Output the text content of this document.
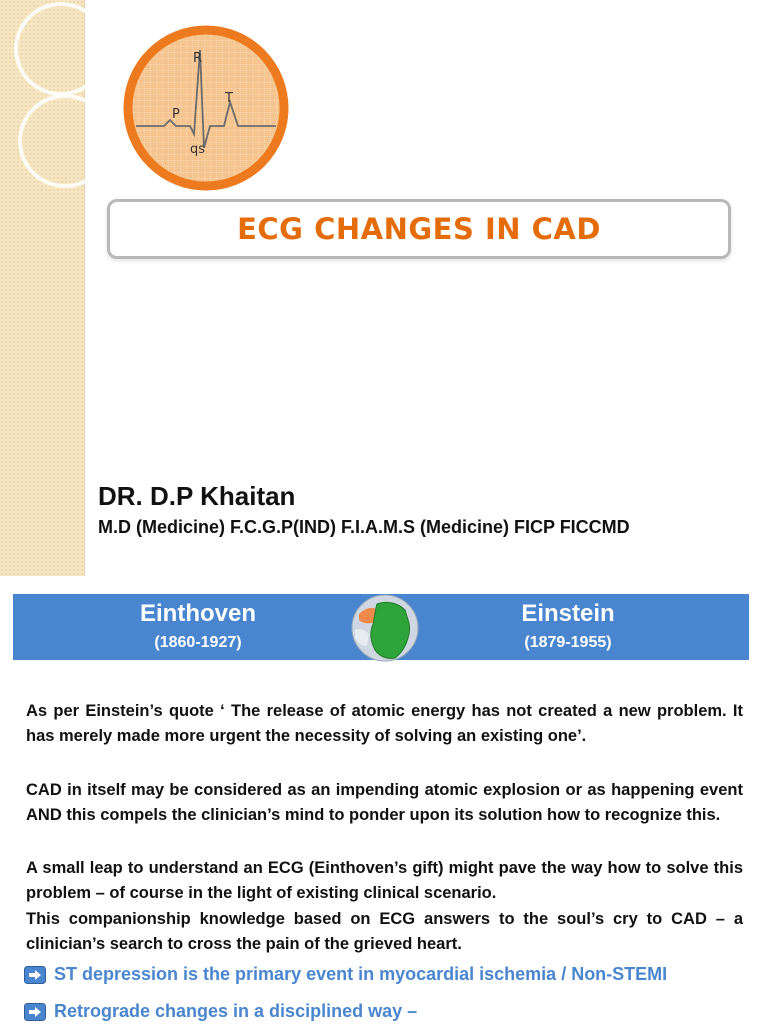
R
P
T
qs
ECG CHANGES IN CAD
DR. D.P Khaitan
M.D (Medicine) F.C.G.P(IND) F.I.A.M.S (Medicine) FICP FICCMD
Einthoven
(1860-1927)
Einstein
(1879-1955)
As per Einstein’s quote ‘ The release of atomic energy has not created a new problem. It has merely made more urgent the necessity of solving an existing one’.
CAD in itself may be considered as an impending atomic explosion or as happening event AND this compels the clinician’s mind to ponder upon its solution how to recognize this.
A small leap to understand an ECG (Einthoven’s gift) might pave the way how to solve this problem – of course in the light of existing clinical scenario.
This companionship knowledge based on ECG answers to the soul’s cry to CAD – a clinician’s search to cross the pain of the grieved heart.
ST depression is the primary event in myocardial ischemia / Non-STEMI
Retrograde changes in a disciplined way –
